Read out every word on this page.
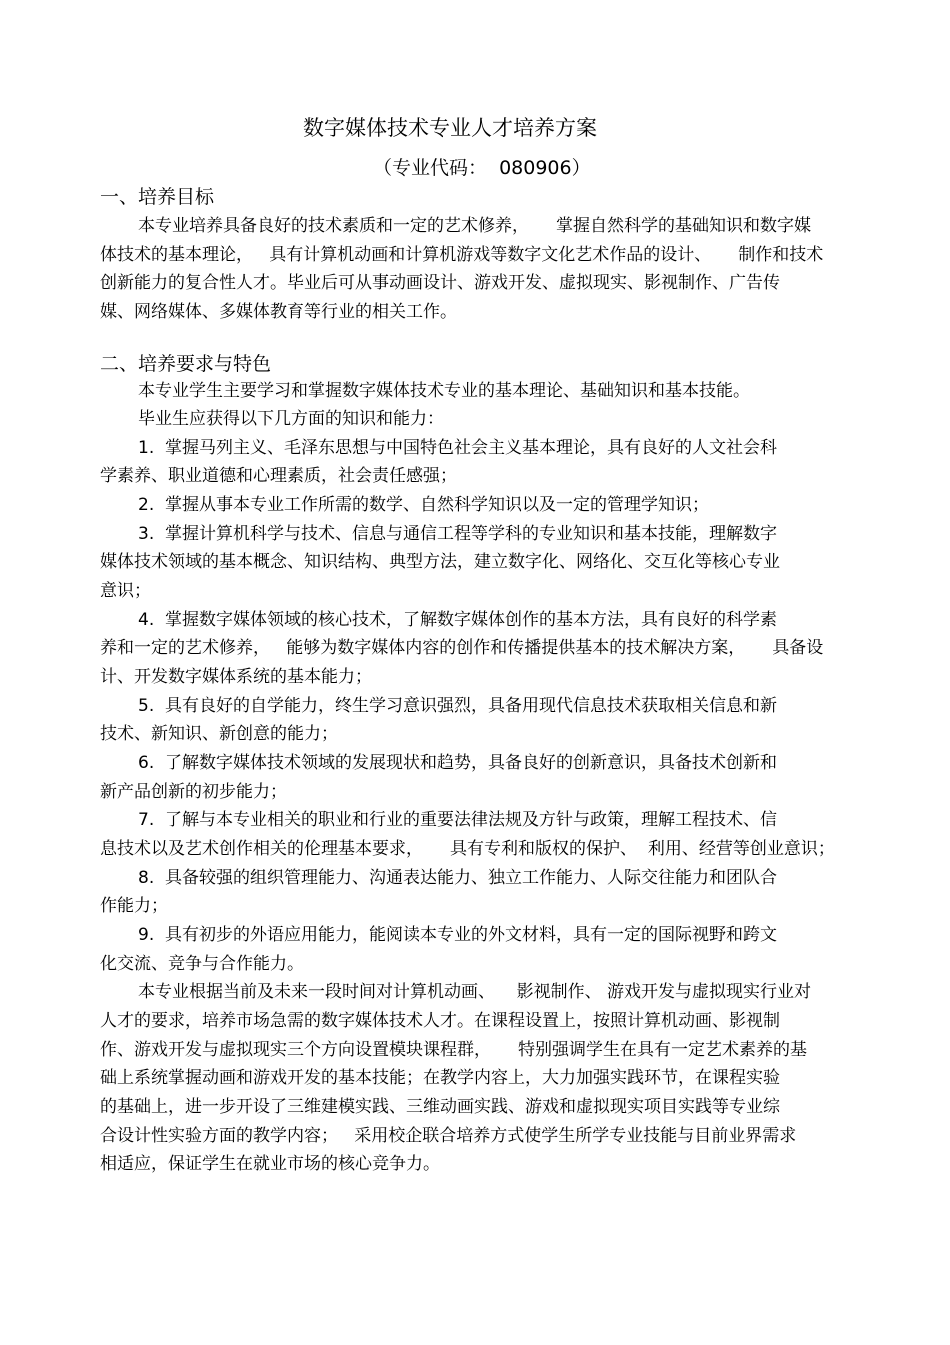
数字媒体技术专业人才培养方案
（专业代码：  080906）
一、培养目标
本专业培养具备良好的技术素质和一定的艺术修养，     掌握自然科学的基础知识和数字媒
体技术的基本理论，   具有计算机动画和计算机游戏等数字文化艺术作品的设计、     制作和技术
创新能力的复合性人才。毕业后可从事动画设计、游戏开发、虚拟现实、影视制作、广告传
媒、网络媒体、多媒体教育等行业的相关工作。
二、培养要求与特色
本专业学生主要学习和掌握数字媒体技术专业的基本理论、基础知识和基本技能。
毕业生应获得以下几方面的知识和能力：
1.  掌握马列主义、毛泽东思想与中国特色社会主义基本理论，具有良好的人文社会科
学素养、职业道德和心理素质，社会责任感强；
2.  掌握从事本专业工作所需的数学、自然科学知识以及一定的管理学知识；
3.  掌握计算机科学与技术、信息与通信工程等学科的专业知识和基本技能，理解数字
媒体技术领域的基本概念、知识结构、典型方法，建立数字化、网络化、交互化等核心专业
意识；
4.  掌握数字媒体领域的核心技术，了解数字媒体创作的基本方法，具有良好的科学素
养和一定的艺术修养，   能够为数字媒体内容的创作和传播提供基本的技术解决方案，     具备设
计、开发数字媒体系统的基本能力；
5.  具有良好的自学能力，终生学习意识强烈，具备用现代信息技术获取相关信息和新
技术、新知识、新创意的能力；
6.  了解数字媒体技术领域的发展现状和趋势，具备良好的创新意识，具备技术创新和
新产品创新的初步能力；
7.  了解与本专业相关的职业和行业的重要法律法规及方针与政策，理解工程技术、信
息技术以及艺术创作相关的伦理基本要求，     具有专利和版权的保护、  利用、经营等创业意识；
8.  具备较强的组织管理能力、沟通表达能力、独立工作能力、人际交往能力和团队合
作能力；
9.  具有初步的外语应用能力，能阅读本专业的外文材料，具有一定的国际视野和跨文
化交流、竞争与合作能力。
本专业根据当前及未来一段时间对计算机动画、    影视制作、 游戏开发与虚拟现实行业对
人才的要求，培养市场急需的数字媒体技术人才。在课程设置上，按照计算机动画、影视制
作、游戏开发与虚拟现实三个方向设置模块课程群，     特别强调学生在具有一定艺术素养的基
础上系统掌握动画和游戏开发的基本技能；在教学内容上，大力加强实践环节，在课程实验
的基础上，进一步开设了三维建模实践、三维动画实践、游戏和虚拟现实项目实践等专业综
合设计性实验方面的教学内容；   采用校企联合培养方式使学生所学专业技能与目前业界需求
相适应，保证学生在就业市场的核心竞争力。
